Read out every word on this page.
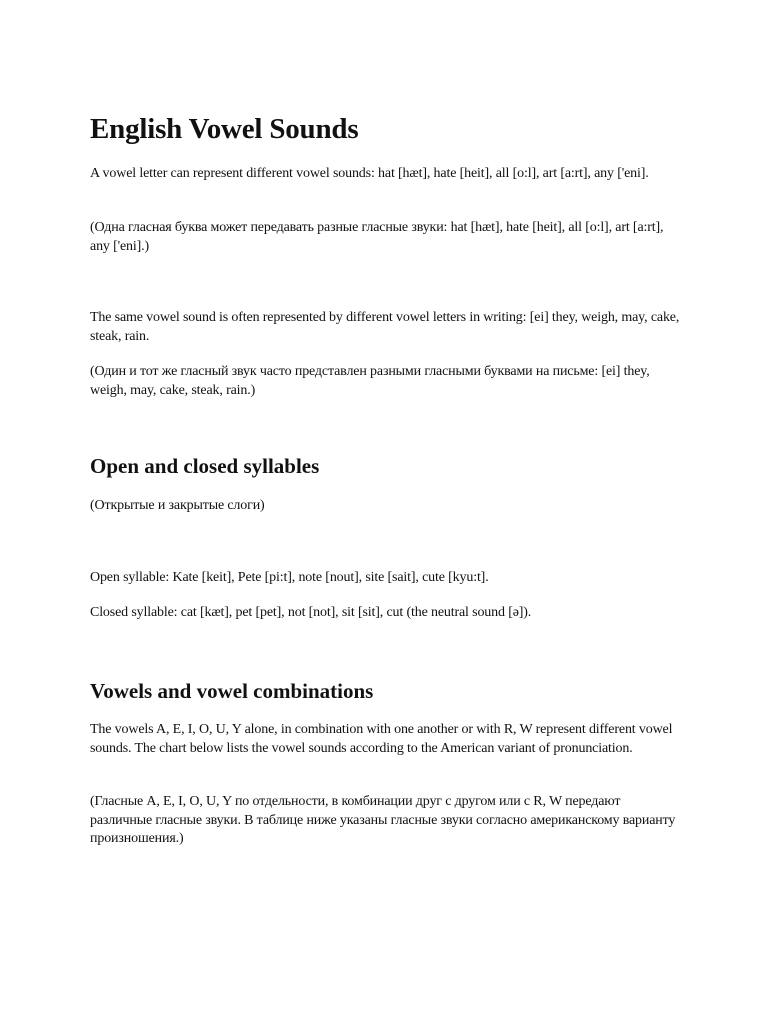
English Vowel Sounds

A vowel letter can represent different vowel sounds: hat [hæt], hate [heit], all [o:l], art [a:rt], any ['eni].

(Одна гласная буква может передавать разные гласные звуки: hat [hæt], hate [heit], all [o:l], art [a:rt], any ['eni].)

The same vowel sound is often represented by different vowel letters in writing: [ei] they, weigh, may, cake, steak, rain.

(Один и тот же гласный звук часто представлен разными гласными буквами на письме: [ei] they, weigh, may, cake, steak, rain.)

Open and closed syllables

(Открытые и закрытые слоги)

Open syllable: Kate [keit], Pete [pi:t], note [nout], site [sait], cute [kyu:t].

Closed syllable: cat [kæt], pet [pet], not [not], sit [sit], cut (the neutral sound [ə]).

Vowels and vowel combinations

The vowels A, E, I, O, U, Y alone, in combination with one another or with R, W represent different vowel sounds. The chart below lists the vowel sounds according to the American variant of pronunciation.

(Гласные A, E, I, O, U, Y по отдельности, в комбинации друг с другом или с R, W передают различные гласные звуки. В таблице ниже указаны гласные звуки согласно американскому варианту произношения.)
